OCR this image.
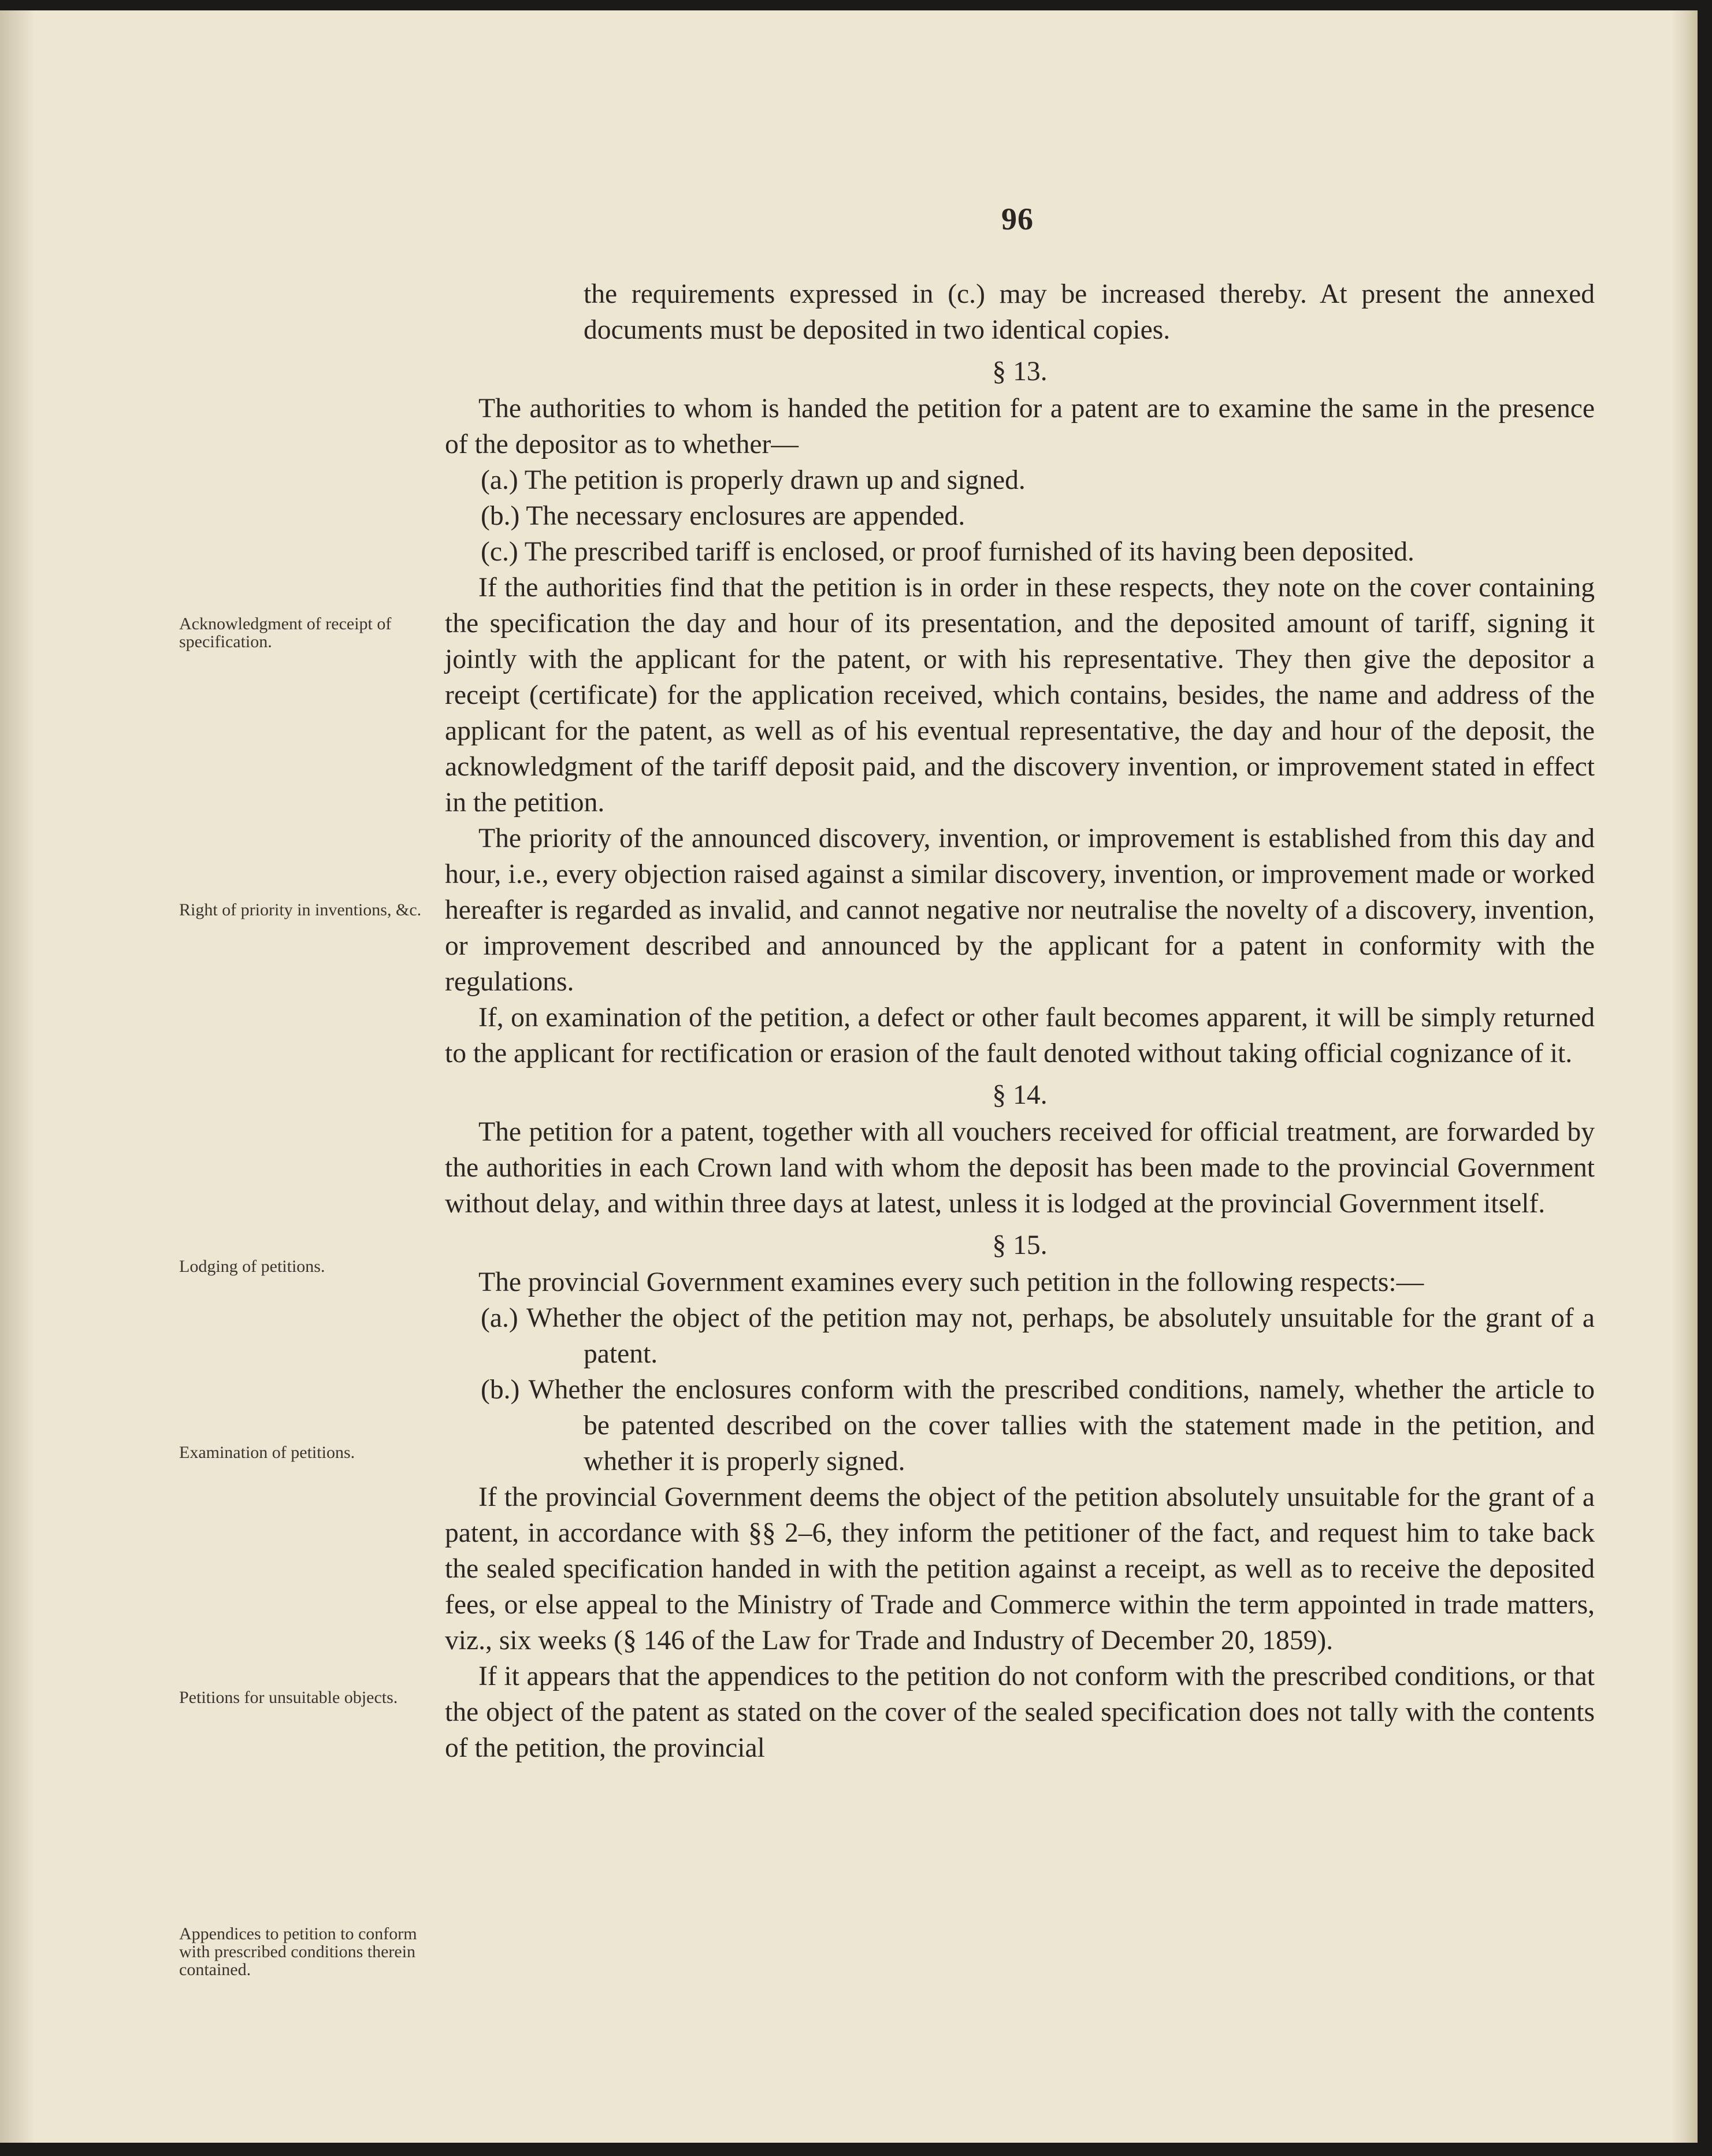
96
Acknowledgment of receipt of specification.
Right of priority in inventions, &c.
Lodging of petitions.
Examination of petitions.
Petitions for unsuitable objects.
Appendices to petition to conform with prescribed conditions therein contained.

the requirements expressed in (c.) may be increased thereby. At present the annexed documents must be deposited in two identical copies.

§ 13.

The authorities to whom is handed the petition for a patent are to examine the same in the presence of the depositor as to whether—

(a.) The petition is properly drawn up and signed.

(b.) The necessary enclosures are appended.

(c.) The prescribed tariff is enclosed, or proof furnished of its having been deposited.

If the authorities find that the petition is in order in these respects, they note on the cover containing the specification the day and hour of its presentation, and the deposited amount of tariff, signing it jointly with the applicant for the patent, or with his representative. They then give the depositor a receipt (certificate) for the application received, which contains, besides, the name and address of the applicant for the patent, as well as of his eventual representative, the day and hour of the deposit, the acknowledgment of the tariff deposit paid, and the discovery invention, or improvement stated in effect in the petition.

The priority of the announced discovery, invention, or improvement is established from this day and hour, i.e., every objection raised against a similar discovery, invention, or improvement made or worked hereafter is regarded as invalid, and cannot negative nor neutralise the novelty of a discovery, invention, or improvement described and announced by the applicant for a patent in conformity with the regulations.

If, on examination of the petition, a defect or other fault becomes apparent, it will be simply returned to the applicant for rectification or erasion of the fault denoted without taking official cognizance of it.

§ 14.

The petition for a patent, together with all vouchers received for official treatment, are forwarded by the authorities in each Crown land with whom the deposit has been made to the provincial Government without delay, and within three days at latest, unless it is lodged at the provincial Government itself.

§ 15.

The provincial Government examines every such petition in the following respects:—

(a.) Whether the object of the petition may not, perhaps, be absolutely unsuitable for the grant of a patent.

(b.) Whether the enclosures conform with the prescribed conditions, namely, whether the article to be patented described on the cover tallies with the statement made in the petition, and whether it is properly signed.

If the provincial Government deems the object of the petition absolutely unsuitable for the grant of a patent, in accordance with §§ 2–6, they inform the petitioner of the fact, and request him to take back the sealed specification handed in with the petition against a receipt, as well as to receive the deposited fees, or else appeal to the Ministry of Trade and Commerce within the term appointed in trade matters, viz., six weeks (§ 146 of the Law for Trade and Industry of December 20, 1859).

If it appears that the appendices to the petition do not conform with the prescribed conditions, or that the object of the patent as stated on the cover of the sealed specification does not tally with the contents of the petition, the provincial
